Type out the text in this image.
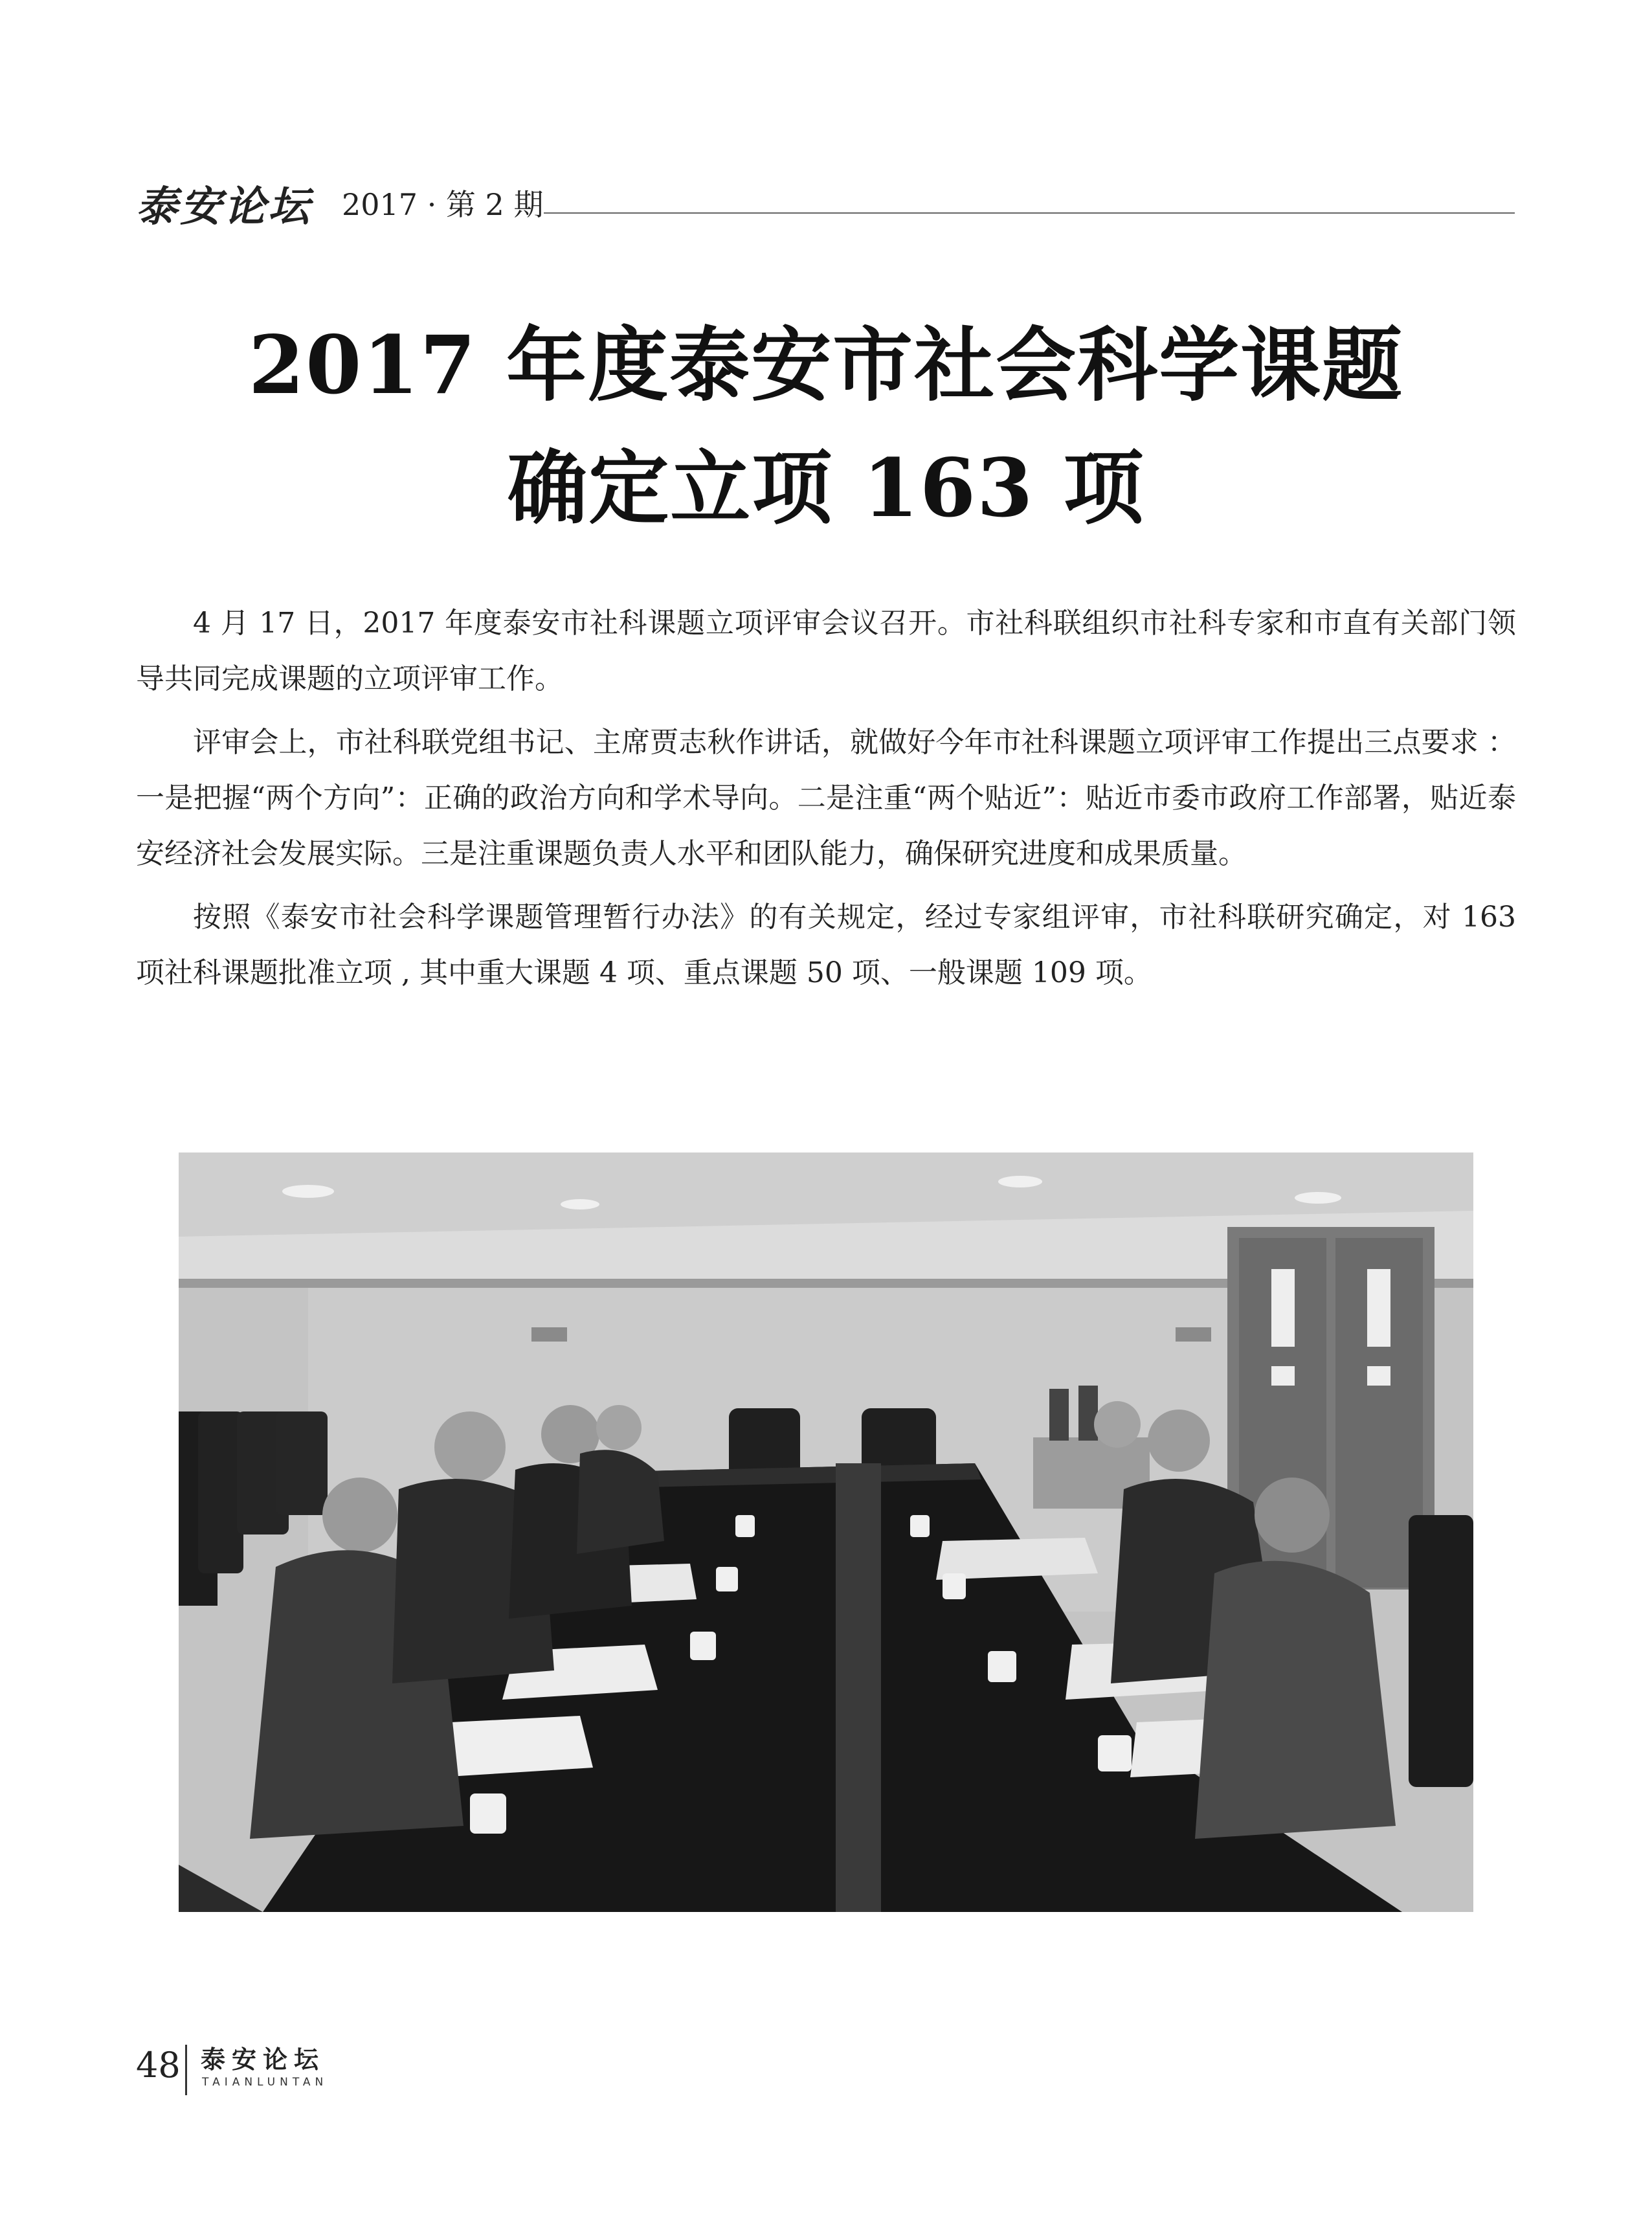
泰安论坛 2017 · 第 2 期
2017 年度泰安市社会科学课题
确定立项 163 项

4 月 17 日，2017 年度泰安市社科课题立项评审会议召开。市社科联组织市社科专家和市直有关部门领导共同完成课题的立项评审工作。

评审会上，市社科联党组书记、主席贾志秋作讲话，就做好今年市社科课题立项评审工作提出三点要求 ：一是把握“两个方向”：正确的政治方向和学术导向。二是注重“两个贴近”：贴近市委市政府工作部署，贴近泰安经济社会发展实际。三是注重课题负责人水平和团队能力，确保研究进度和成果质量。

按照《泰安市社会科学课题管理暂行办法》的有关规定，经过专家组评审，市社科联研究确定，对 163 项社科课题批准立项 , 其中重大课题 4 项、重点课题 50 项、一般课题 109 项。

48 泰安论坛
TAIANLUNTAN
